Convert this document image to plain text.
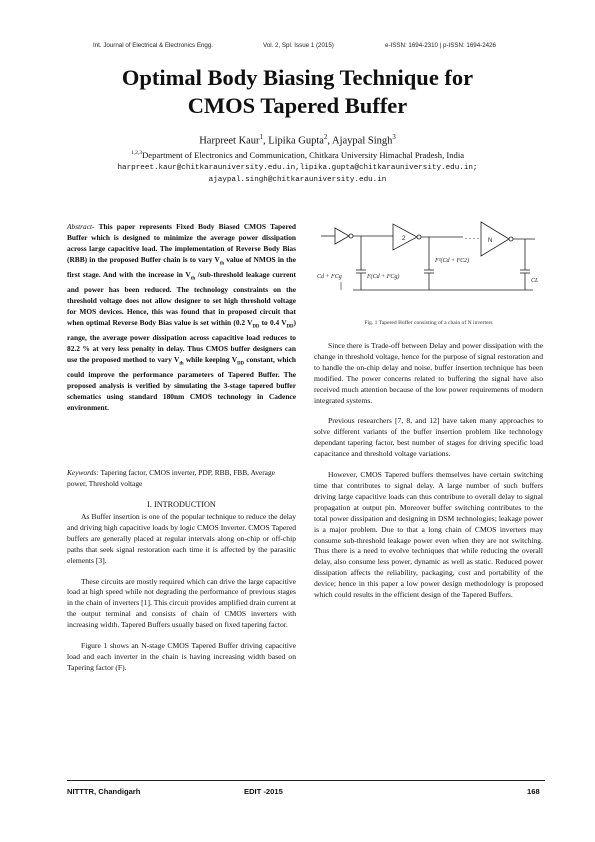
Int. Journal of Electrical & Electronics Engg.	Vol. 2, Spl. Issue 1 (2015)	e-ISSN: 1694-2310 | p-ISSN: 1694-2426
Optimal Body Biasing Technique for
CMOS Tapered Buffer
Harpreet Kaur$^1$, Lipika Gupta$^2$, Ajaypal Singh$^3$
$^{1,2,3}$Department of Electronics and Communication, Chitkara University Himachal Pradesh, India
harpreet.kaur@chitkarauniversity.edu.in,lipika.gupta@chitkarauniversity.edu.in;
ajaypal.singh@chitkarauniversity.edu.in
Abstract- This paper represents Fixed Body Biased CMOS Tapered Buffer which is designed to minimize the average power dissipation across large capacitive load. The implementation of Reverse Body Bias (RBB) in the proposed Buffer chain is to vary $V_{th}$ value of NMOS in the first stage. And with the increase in $V_{th}$ /sub-threshold leakage current and power has been reduced. The technology constraints on the threshold voltage does not allow designer to set high threshold voltage for MOS devices. Hence, this was found that in proposed circuit that when optimal Reverse Body Bias value is set within (0.2 $V_{DD}$ to 0.4 $V_{DD}$) range, the average power dissipation across capacitive load reduces to 82.2 % at very less penalty in delay. Thus CMOS buffer designers can use the proposed method to vary $V_{th}$ while keeping $V_{DD}$ constant, which could improve the performance parameters of Tapered Buffer. The proposed analysis is verified by simulating the 3-stage tapered buffer schematics using standard 180nm CMOS technology in Cadence environment.
Keywords: Tapering factor, CMOS inverter, PDP, RBB, FBB, Average power, Threshold voltage
I. INTRODUCTION

As Buffer insertion is one of the popular technique to reduce the delay and driving high capacitive loads by logic CMOS Inverter. CMOS Tapered buffers are generally placed at regular intervals along on-chip or off-chip paths that seek signal restoration each time it is affected by the parasitic elements [3].

These circuits are mostly required which can drive the large capacitive load at high speed while not degrading the performance of previous stages in the chain of inverters [1]. This circuit provides amplified drain current at the output terminal and consists of chain of CMOS inverters with increasing width. Tapered Buffers usually based on fixed tapering factor.

Figure 1 shows an N-stage CMOS Tapered Buffer driving capacitive load and each inverter in the chain is having increasing width based on Tapering factor (F).

. . . .
2	N
Cd + FCg	F(Cd + FCg)
F²(Cd + FC2)
CL
Fig. 1 Tapered Buffer consisting of a chain of N inverters

Since there is Trade-off between Delay and power dissipation with the change in threshold voltage, hence for the purpose of signal restoration and to handle the on-chip delay and noise, buffer insertion technique has been modified. The power concerns related to buffering the signal have also received much attention because of the low power requirements of modern integrated systems.

Previous researchers [7, 8, and 12] have taken many approaches to solve different variants of the buffer insertion problem like technology dependant tapering factor, best number of stages for driving specific load capacitance and threshold voltage variations.

However, CMOS Tapered buffers themselves have certain switching time that contributes to signal delay. A large number of such buffers driving large capacitive loads can thus contribute to overall delay to signal propagation at output pin. Moreover buffer switching contributes to the total power dissipation and designing in DSM technologies; leakage power is a major problem. Due to that a long chain of CMOS inverters may consume sub-threshold leakage power even when they are not switching. Thus there is a need to evolve techniques that while reducing the overall delay, also consume less power, dynamic as well as static. Reduced power dissipation affects the reliability, packaging, cost and portability of the device; hence in this paper a low power design methodology is proposed which could results in the efficient design of the Tapered Buffers.

NITTTR, Chandigarh	EDIT -2015	168
